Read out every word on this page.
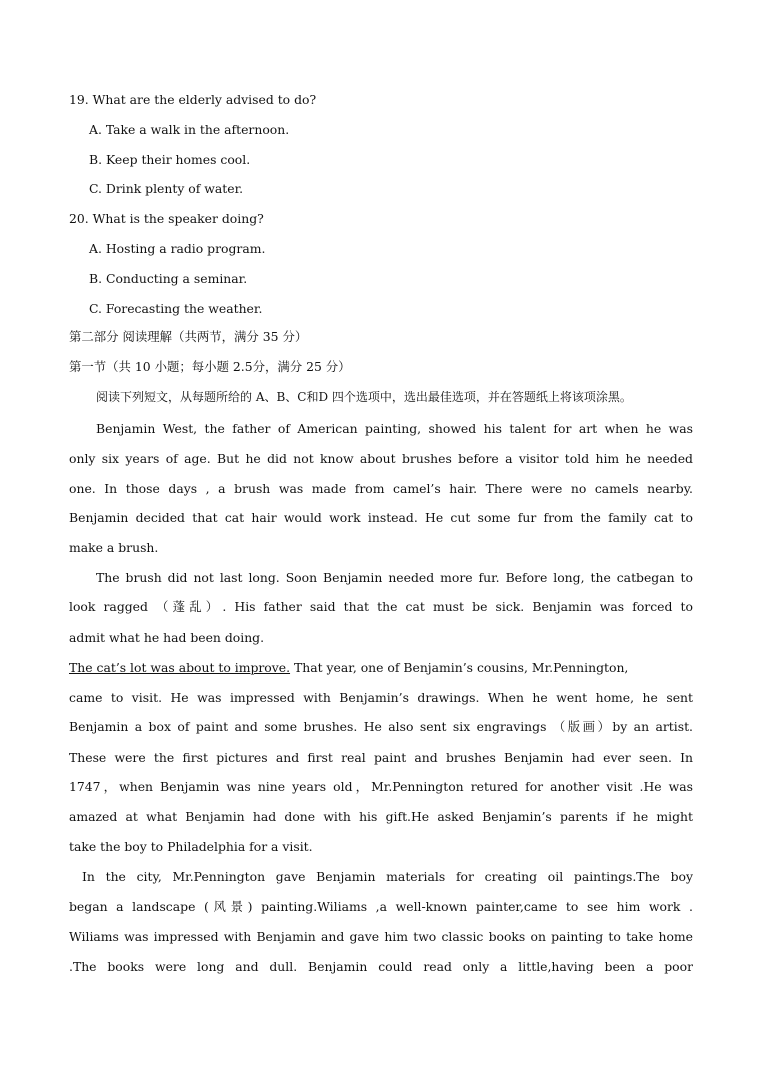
19. What are the elderly advised to do?
A. Take a walk in the afternoon.
B. Keep their homes cool.
C. Drink plenty of water.
20. What is the speaker doing?
A. Hosting a radio program.
B. Conducting a seminar.
C. Forecasting the weather.
第二部分 阅读理解（共两节，满分 35 分）
第一节（共 10 小题；每小题 2.5分，满分 25 分）
阅读下列短文，从每题所给的 A、B、C和D 四个选项中，选出最佳选项，并在答题纸上将该项涂黑。
Benjamin West, the father of American painting, showed his talent for art when he was
only six years of age. But he did not know about brushes before a visitor told him he needed
one. In those days , a brush was made from camel’s hair. There were no camels nearby.
Benjamin decided that cat hair would work instead. He cut some fur from the family cat to
make a brush.
The brush did not last long. Soon Benjamin needed more fur. Before long, the catbegan to
look ragged （蓬乱）. His father said that the cat must be sick. Benjamin was forced to
admit what he had been doing.
The cat’s lot was about to improve. That year, one of Benjamin’s cousins, Mr.Pennington,
came to visit. He was impressed with Benjamin’s drawings. When he went home, he sent
Benjamin a box of paint and some brushes. He also sent six engravings （版画）by an artist.
These were the first pictures and first real paint and brushes Benjamin had ever seen. In
1747，when Benjamin was nine years old，Mr.Pennington retured for another visit .He was
amazed at what Benjamin had done with his gift.He asked Benjamin’s parents if he might
take the boy to Philadelphia for a visit.
In the city, Mr.Pennington gave Benjamin materials for creating oil paintings.The boy
began a landscape (风景) painting.Wiliams ,a well-known painter,came to see him work .
Wiliams was impressed with Benjamin and gave him two classic books on painting to take home
.The books were long and dull. Benjamin could read only a little,having been a poor
